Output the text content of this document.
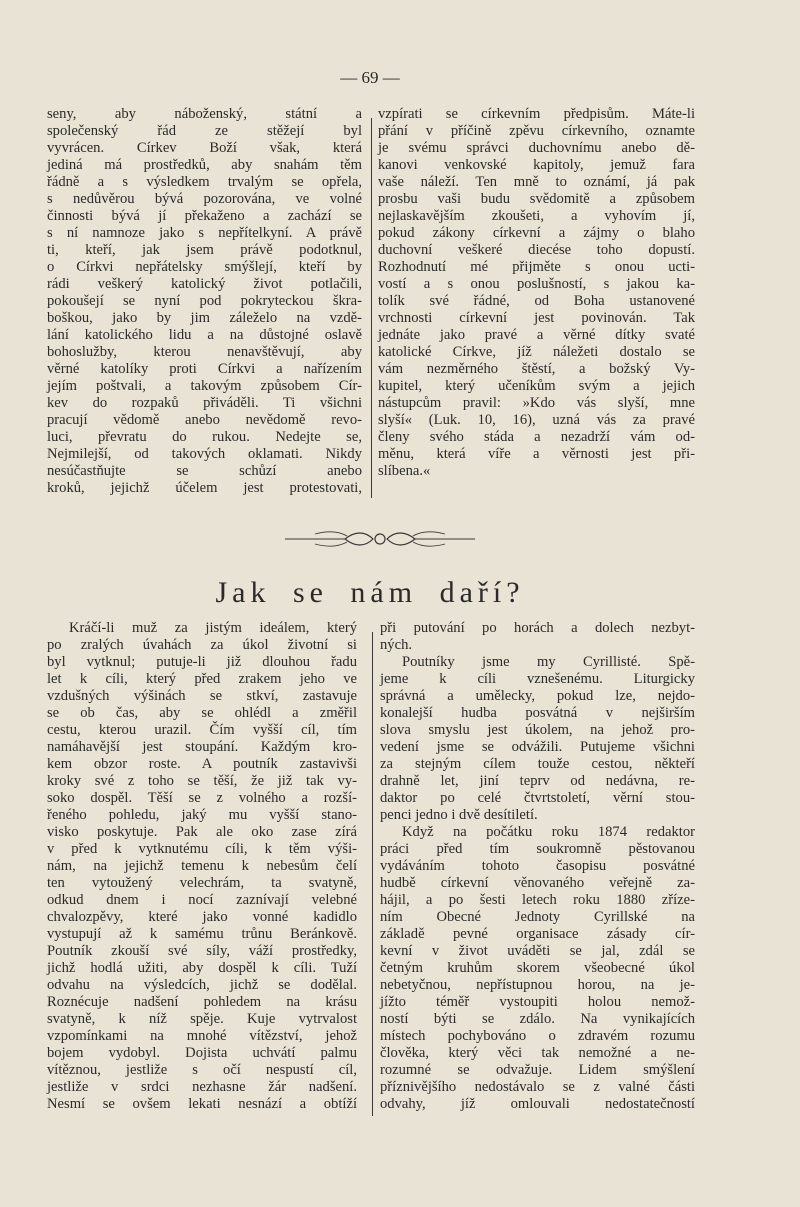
— 69 —
seny, aby náboženský, státní a
společenský řád ze stěžejí byl
vyvrácen. Církev Boží však, která
jediná má prostředků, aby snahám těm
řádně a s výsledkem trvalým se opřela,
s nedůvěrou bývá pozorována, ve volné
činnosti bývá jí překaženo a zachází se
s ní namnoze jako s nepřítelkyní. A právě
ti, kteří, jak jsem právě podotknul,
o Církvi nepřátelsky smýšlejí, kteří by
rádi veškerý katolický život potlačili,
pokoušejí se nyní pod pokryteckou škra-
boškou, jako by jim záleželo na vzdě-
lání katolického lidu a na důstojné oslavě
bohoslužby, kterou nenavštěvují, aby
věrné katolíky proti Církvi a nařízením
jejím poštvali, a takovým způsobem Cír-
kev do rozpaků přiváděli. Ti všichni
pracují vědomě anebo nevědomě revo-
luci, převratu do rukou. Nedejte se,
Nejmilejší, od takových oklamati. Nikdy
nesúčastňujte se schůzí anebo
kroků, jejichž účelem jest protestovati,
vzpírati se církevním předpisům. Máte-li
přání v příčině zpěvu církevního, oznamte
je svému správci duchovnímu anebo dě-
kanovi venkovské kapitoly, jemuž fara
vaše náleží. Ten mně to oznámí, já pak
prosbu vaši budu svědomitě a způsobem
nejlaskavějším zkoušeti, a vyhovím jí,
pokud zákony církevní a zájmy o blaho
duchovní veškeré diecése toho dopustí.
Rozhodnutí mé přijměte s onou ucti-
vostí a s onou poslušností, s jakou ka-
tolík své řádné, od Boha ustanovené
vrchnosti církevní jest povinován. Tak
jednáte jako pravé a věrné dítky svaté
katolické Církve, jíž náležeti dostalo se
vám nezměrného štěstí, a božský Vy-
kupitel, který učeníkům svým a jejich
nástupcům pravil: »Kdo vás slyší, mne
slyší« (Luk. 10, 16), uzná vás za pravé
členy svého stáda a nezadrží vám od-
měnu, která víře a věrnosti jest při-
slíbena.«
Jak se nám daří?
Kráčí-li muž za jistým ideálem, který
po zralých úvahách za úkol životní si
byl vytknul; putuje-li již dlouhou řadu
let k cíli, který před zrakem jeho ve
vzdušných výšinách se stkví, zastavuje
se ob čas, aby se ohlédl a změřil
cestu, kterou urazil. Čím vyšší cíl, tím
namáhavější jest stoupání. Každým kro-
kem obzor roste. A poutník zastavivši
kroky své z toho se těší, že již tak vy-
soko dospěl. Těší se z volného a rozší-
řeného pohledu, jaký mu vyšší stano-
visko poskytuje. Pak ale oko zase zírá
v před k vytknutému cíli, k těm výši-
nám, na jejichž temenu k nebesům čelí
ten vytoužený velechrám, ta svatyně,
odkud dnem i nocí zaznívají velebné
chvalozpěvy, které jako vonné kadidlo
vystupují až k samému trůnu Beránkově.
Poutník zkouší své síly, váží prostředky,
jichž hodlá užiti, aby dospěl k cíli. Tuží
odvahu na výsledcích, jichž se dodělal.
Roznécuje nadšení pohledem na krásu
svatyně, k níž spěje. Kuje vytrvalost
vzpomínkami na mnohé vítězství, jehož
bojem vydobyl. Dojista uchvátí palmu
vítěznou, jestliže s očí nespustí cíl,
jestliže v srdci nezhasne žár nadšení.
Nesmí se ovšem lekati nesnází a obtíží
při putování po horách a dolech nezbyt-
ných.
Poutníky jsme my Cyrillisté. Spě-
jeme k cíli vznešenému. Liturgicky
správná a umělecky, pokud lze, nejdo-
konalejší hudba posvátná v nejširším
slova smyslu jest úkolem, na jehož pro-
vedení jsme se odvážili. Putujeme všichni
za stejným cílem touže cestou, někteří
drahně let, jiní teprv od nedávna, re-
daktor po celé čtvrtstoletí, věrní stou-
penci jedno i dvě desítiletí.
Když na počátku roku 1874 redaktor
práci před tím soukromně pěstovanou
vydáváním tohoto časopisu posvátné
hudbě církevní věnovaného veřejně za-
hájil, a po šesti letech roku 1880 zříze-
ním Obecné Jednoty Cyrillské na
základě pevné organisace zásady cír-
kevní v život uváděti se jal, zdál se
četným kruhům skorem všeobecné úkol
nebetyčnou, nepřístupnou horou, na je-
jížto téměř vystoupiti holou nemož-
ností býti se zdálo. Na vynikajících
místech pochybováno o zdravém rozumu
člověka, který věci tak nemožné a ne-
rozumné se odvažuje. Lidem smýšlení
příznivějšího nedostávalo se z valné části
odvahy, jíž omlouvali nedostatečností
